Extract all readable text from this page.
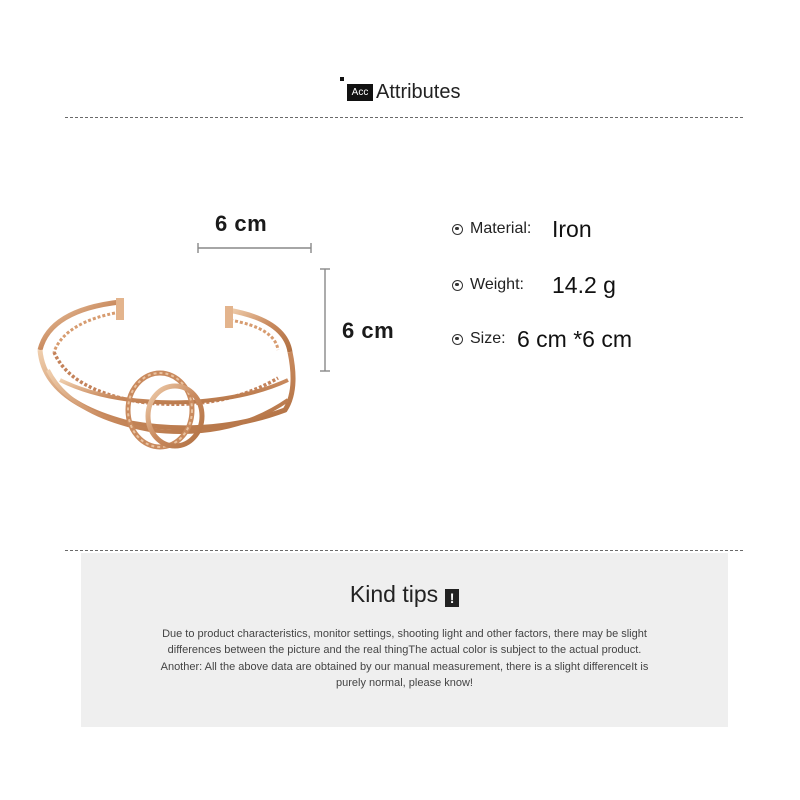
Acc Attributes
6 cm
6 cm
Material: Iron
Weight: 14.2 g
Size: 6 cm *6 cm
Kind tips !

Due to product characteristics, monitor settings, shooting light and other factors, there may be slight

differences between the picture and the real thingThe actual color is subject to the actual product.

Another: All the above data are obtained by our manual measurement, there is a slight differenceIt is

purely normal, please know!
